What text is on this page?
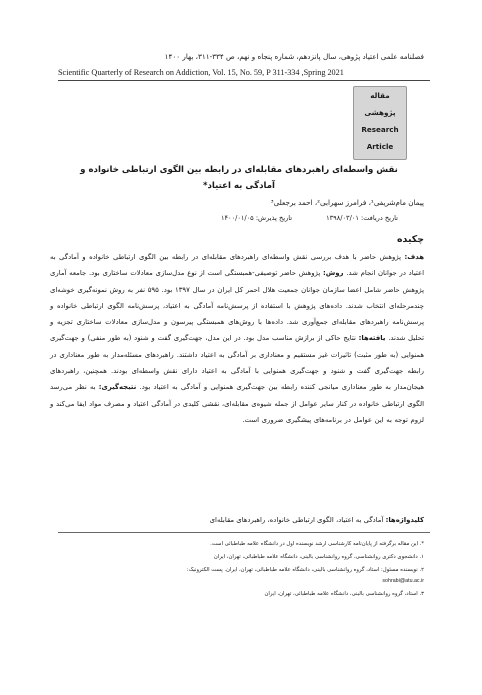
فصلنامه علمی اعتیاد پژوهی، سال پانزدهم، شماره پنجاه و نهم، ص ۳۳۴-۳۱۱، بهار ۱۴۰۰
Scientific Quarterly of Research on Addiction, Vol. 15, No. 59, P 311-334 ,Spring 2021
مقاله
پژوهشی
Research
Article
نقش واسطه‌ای راهبردهای مقابله‌ای در رابطه بین الگوی ارتباطی خانواده و
آمادگی به اعتیاد*
پیمان مام‌شریفی¹، فرامرز سهرابی²، احمد برجعلی³
تاریخ دریافت: ۱۳۹۸/۰۳/۰۱
تاریخ پذیرش: ۱۴۰۰/۰۱/۰۵
چکیده
هدف: پژوهش حاضر با هدف بررسی نقش واسطه‌ای راهبردهای مقابله‌ای در رابطه بین الگوی ارتباطی خانواده و آمادگی به اعتیاد در جوانان انجام شد. روش: پژوهش حاضر توصیفی-همبستگی است از نوع مدل‌سازی معادلات ساختاری بود. جامعه آماری پژوهش حاضر شامل اعضا سازمان جوانان جمعیت هلال احمر کل ایران در سال ۱۳۹۷ بود. ۵۹۵ نفر به روش نمونه‌گیری خوشه‌ای چندمرحله‌ای انتخاب شدند. داده‌های پژوهش با استفاده از پرسش‌نامه آمادگی به اعتیاد، پرسش‌نامه الگوی ارتباطی خانواده و پرسش‌نامه راهبردهای مقابله‌ای جمع‌آوری شد. داده‌ها با روش‌های همبستگی پیرسون و مدل‌سازی معادلات ساختاری تجزیه و تحلیل شدند. یافته‌ها: نتایج حاکی از برازش مناسب مدل بود. در این مدل، جهت‌گیری گفت و شنود (به طور منفی) و جهت‌گیری همنوایی (به طور مثبت) تاثیرات غیر مستقیم و معناداری بر آمادگی به اعتیاد داشتند. راهبردهای مسئله‌مدار به طور معناداری در رابطه جهت‌گیری گفت و شنود و جهت‌گیری همنوایی با آمادگی به اعتیاد دارای نقش واسطه‌ای بودند. همچنین، راهبردهای هیجان‌مدار به طور معناداری میانجی کننده رابطه بین جهت‌گیری همنوایی و آمادگی به اعتیاد بود. نتیجه‌گیری: به نظر می‌رسد الگوی ارتباطی خانواده در کنار سایر عوامل از جمله شیوه‌ی مقابله‌ای، نقشی کلیدی در آمادگی اعتیاد و مصرف مواد ایفا می‌کند و لزوم توجه به این عوامل در برنامه‌های پیشگیری ضروری است.
کلیدواژه‌ها: آمادگی به اعتیاد، الگوی ارتباطی خانواده، راهبردهای مقابله‌ای
*. این مقاله برگرفته از پایان‌نامه کارشناسی ارشد نویسنده اول در دانشگاه علامه طباطبائی است.
۱. دانشجوی دکتری روانشناسی، گروه روانشناسی بالینی، دانشگاه علامه طباطبائی، تهران، ایران
۲. نویسنده مسئول: استاد، گروه روانشناسی بالینی، دانشگاه علامه طباطبائی، تهران، ایران. پست الکترونیک:
sohrabi@atu.ac.ir
۳. استاد، گروه روانشناسی بالینی، دانشگاه علامه طباطبائی، تهران، ایران
